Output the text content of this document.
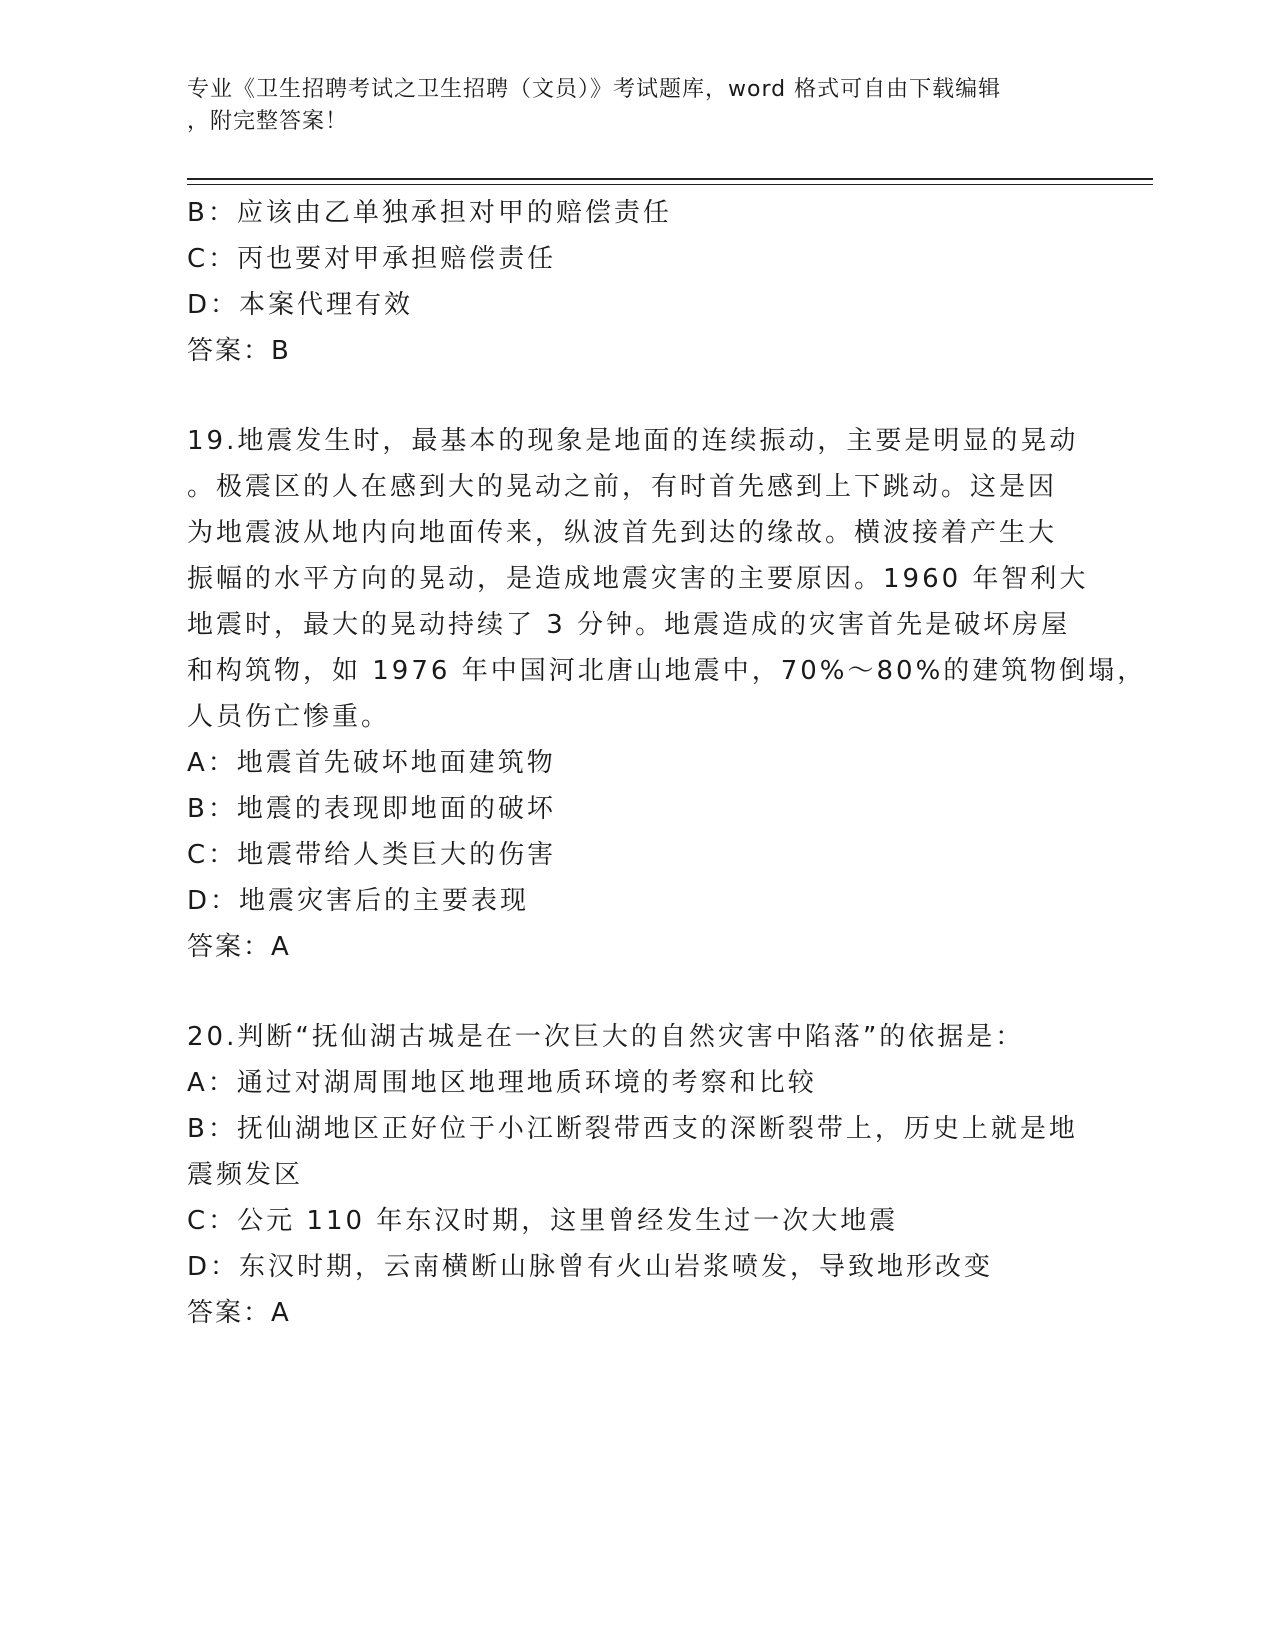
专业《卫生招聘考试之卫生招聘（文员）》考试题库，word 格式可自由下载编辑
，附完整答案！
B：应该由乙单独承担对甲的赔偿责任
C：丙也要对甲承担赔偿责任
D：本案代理有效
答案：B
19.地震发生时，最基本的现象是地面的连续振动，主要是明显的晃动
。极震区的人在感到大的晃动之前，有时首先感到上下跳动。这是因
为地震波从地内向地面传来，纵波首先到达的缘故。横波接着产生大
振幅的水平方向的晃动，是造成地震灾害的主要原因。1960 年智利大
地震时，最大的晃动持续了 3 分钟。地震造成的灾害首先是破坏房屋
和构筑物，如 1976 年中国河北唐山地震中，70%～80%的建筑物倒塌，
人员伤亡惨重。
A：地震首先破坏地面建筑物
B：地震的表现即地面的破坏
C：地震带给人类巨大的伤害
D：地震灾害后的主要表现
答案：A
20.判断“抚仙湖古城是在一次巨大的自然灾害中陷落”的依据是：
A：通过对湖周围地区地理地质环境的考察和比较
B：抚仙湖地区正好位于小江断裂带西支的深断裂带上，历史上就是地
震频发区
C：公元 110 年东汉时期，这里曾经发生过一次大地震
D：东汉时期，云南横断山脉曾有火山岩浆喷发，导致地形改变
答案：A
